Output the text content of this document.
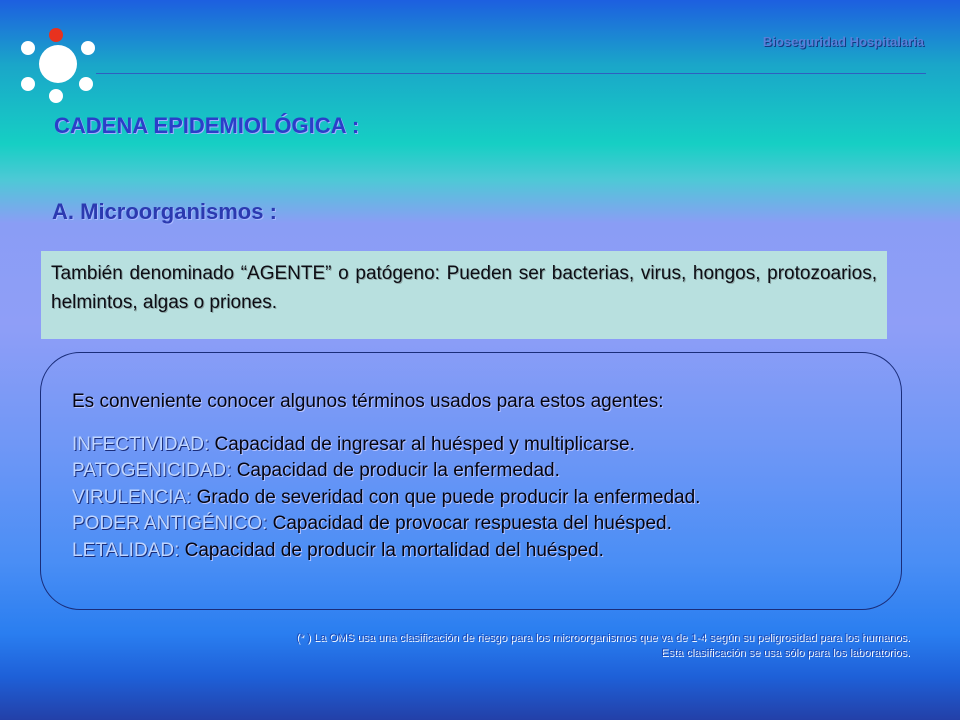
Bioseguridad Hospitalaria
CADENA EPIDEMIOLÓGICA :
A. Microorganismos :

También denominado “AGENTE” o patógeno: Pueden ser bacterias, virus, hongos, protozoarios, helmintos, algas o priones.

Es conveniente conocer algunos términos usados para estos agentes:
INFECTIVIDAD: Capacidad de ingresar al huésped y multiplicarse.
PATOGENICIDAD: Capacidad de producir la enfermedad.
VIRULENCIA: Grado de severidad con que puede producir la enfermedad.
PODER ANTIGÉNICO: Capacidad de provocar respuesta del huésped.
LETALIDAD: Capacidad de producir la mortalidad del huésped.
(* ) La OMS usa una clasificación de riesgo para los microorganismos que va de 1-4 según su peligrosidad para los humanos.
Esta clasificación se usa sólo para los laboratorios.
